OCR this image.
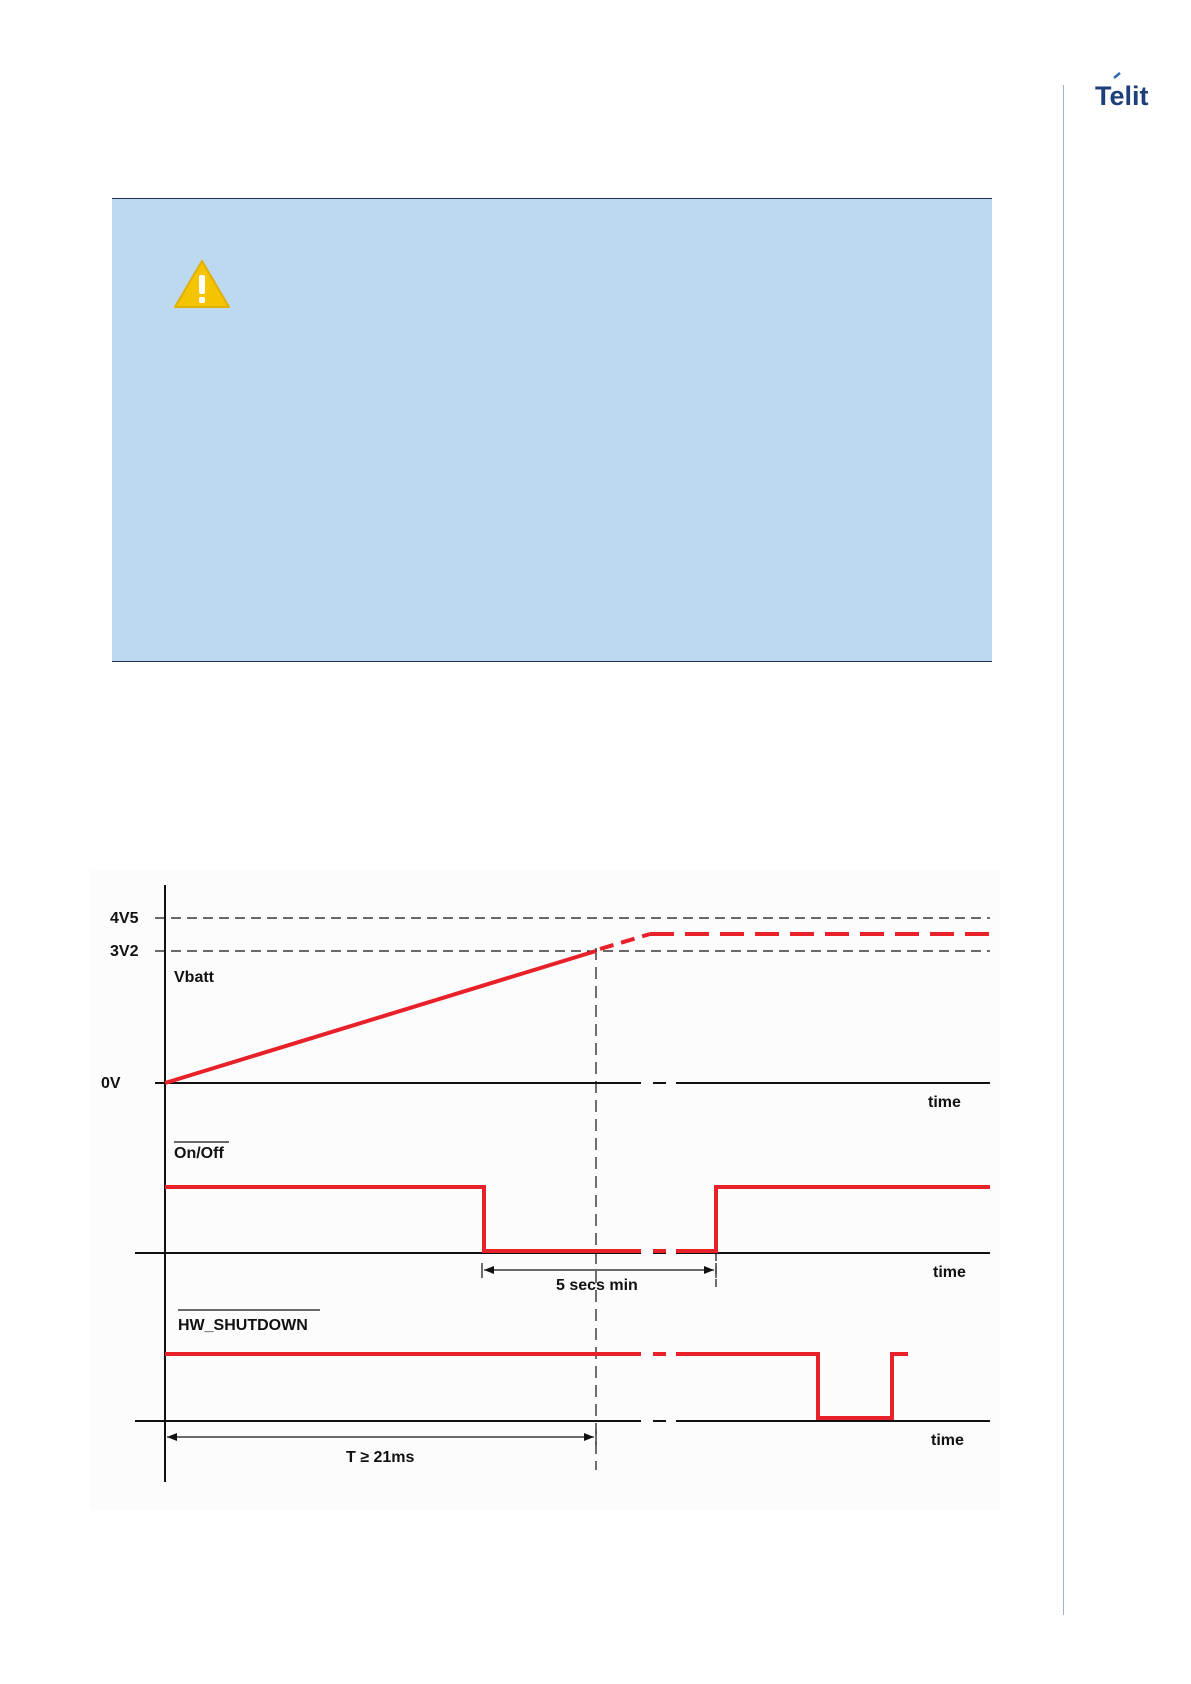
Telit
4V5
3V2
0V
Vbatt
On/Off
HW_SHUTDOWN
time
time
time
5 secs min
T ≥ 21ms
